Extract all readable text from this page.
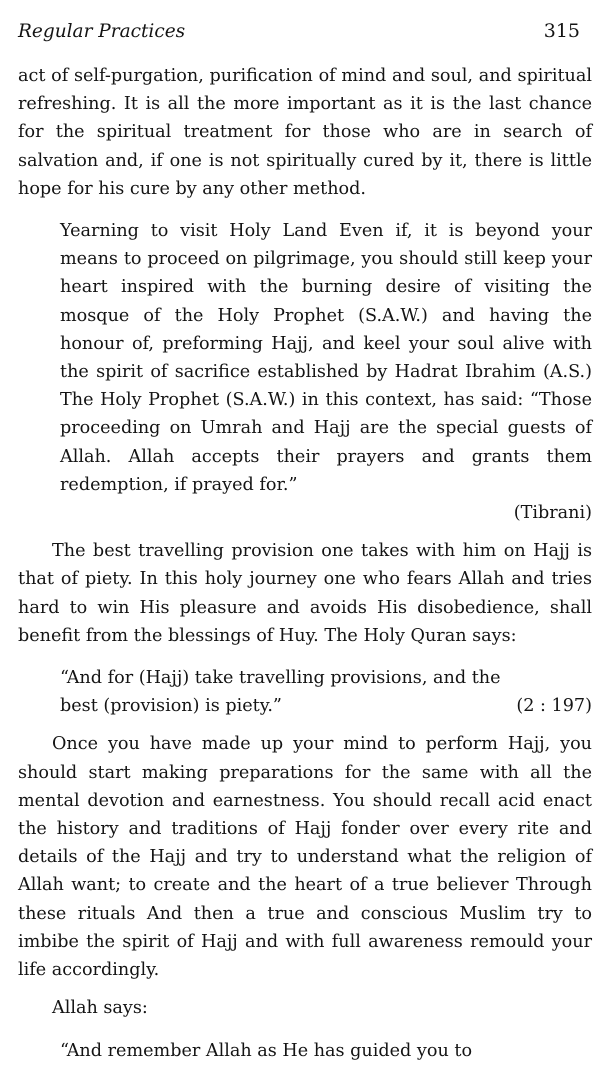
Regular Practices	315

act of self-purgation, purification of mind and soul, and spiritual refreshing. It is all the more important as it is the last chance for the spiritual treatment for those who are in search of salvation and, if one is not spiritually cured by it, there is little hope for his cure by any other method.

Yearning to visit Holy Land Even if, it is beyond your means to proceed on pilgrimage, you should still keep your heart inspired with the burning desire of visiting the mosque of the Holy Prophet (S.A.W.) and having the honour of, preforming Hajj, and keel your soul alive with the spirit of sacrifice established by Hadrat Ibrahim (A.S.) The Holy Prophet (S.A.W.) in this context, has said: “Those proceeding on Umrah and Hajj are the special guests of Allah. Allah accepts their prayers and grants them redemption, if prayed for.”

(Tibrani)

The best travelling provision one takes with him on Hajj is that of piety. In this holy journey one who fears Allah and tries hard to win His pleasure and avoids His disobedience, shall benefit from the blessings of Huy. The Holy Quran says:

“And for (Hajj) take travelling provisions, and the
best (provision) is piety.”	(2 : 197)

Once you have made up your mind to perform Hajj, you should start making preparations for the same with all the mental devotion and earnestness. You should recall acid enact the history and traditions of Hajj fonder over every rite and details of the Hajj and try to understand what the religion of Allah want; to create and the heart of a true believer Through these rituals And then a true and conscious Muslim try to imbibe the spirit of Hajj and with full awareness remould your life accordingly.

Allah says:

“And remember Allah as He has guided you to
